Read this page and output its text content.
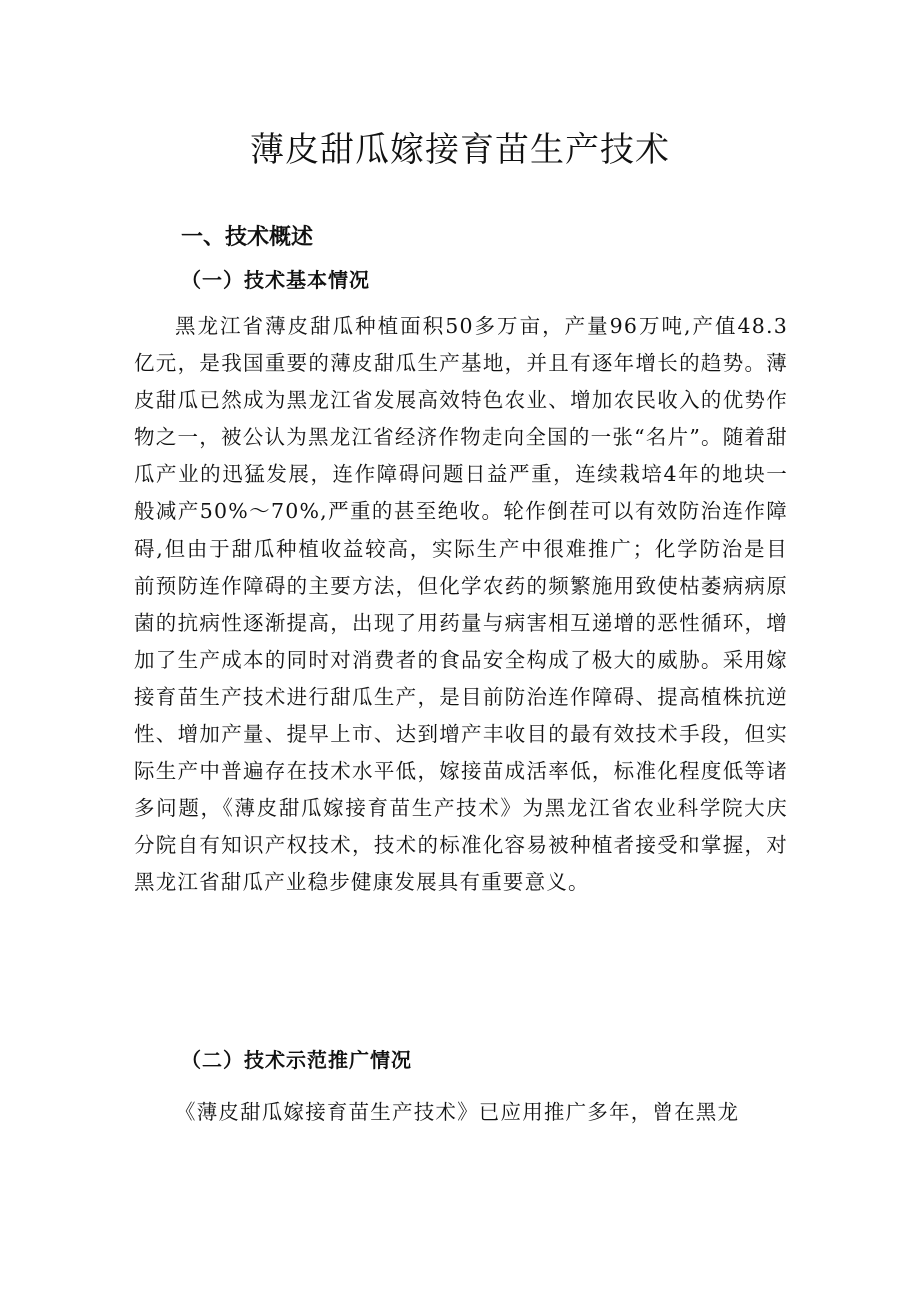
薄皮甜瓜嫁接育苗生产技术
一、技术概述
（一）技术基本情况

黑龙江省薄皮甜瓜种植面积50多万亩，产量96万吨,产值48.3亿元，是我国重要的薄皮甜瓜生产基地，并且有逐年增长的趋势。薄皮甜瓜已然成为黑龙江省发展高效特色农业、增加农民收入的优势作物之一，被公认为黑龙江省经济作物走向全国的一张“名片”。随着甜瓜产业的迅猛发展，连作障碍问题日益严重，连续栽培4年的地块一般减产50%～70%,严重的甚至绝收。轮作倒茬可以有效防治连作障碍,但由于甜瓜种植收益较高，实际生产中很难推广；化学防治是目前预防连作障碍的主要方法，但化学农药的频繁施用致使枯萎病病原菌的抗病性逐渐提高，出现了用药量与病害相互递增的恶性循环，增加了生产成本的同时对消费者的食品安全构成了极大的威胁。采用嫁接育苗生产技术进行甜瓜生产，是目前防治连作障碍、提高植株抗逆性、增加产量、提早上市、达到增产丰收目的最有效技术手段，但实际生产中普遍存在技术水平低，嫁接苗成活率低，标准化程度低等诸多问题，《薄皮甜瓜嫁接育苗生产技术》为黑龙江省农业科学院大庆分院自有知识产权技术，技术的标准化容易被种植者接受和掌握，对黑龙江省甜瓜产业稳步健康发展具有重要意义。

（二）技术示范推广情况

《薄皮甜瓜嫁接育苗生产技术》已应用推广多年，曾在黑龙
